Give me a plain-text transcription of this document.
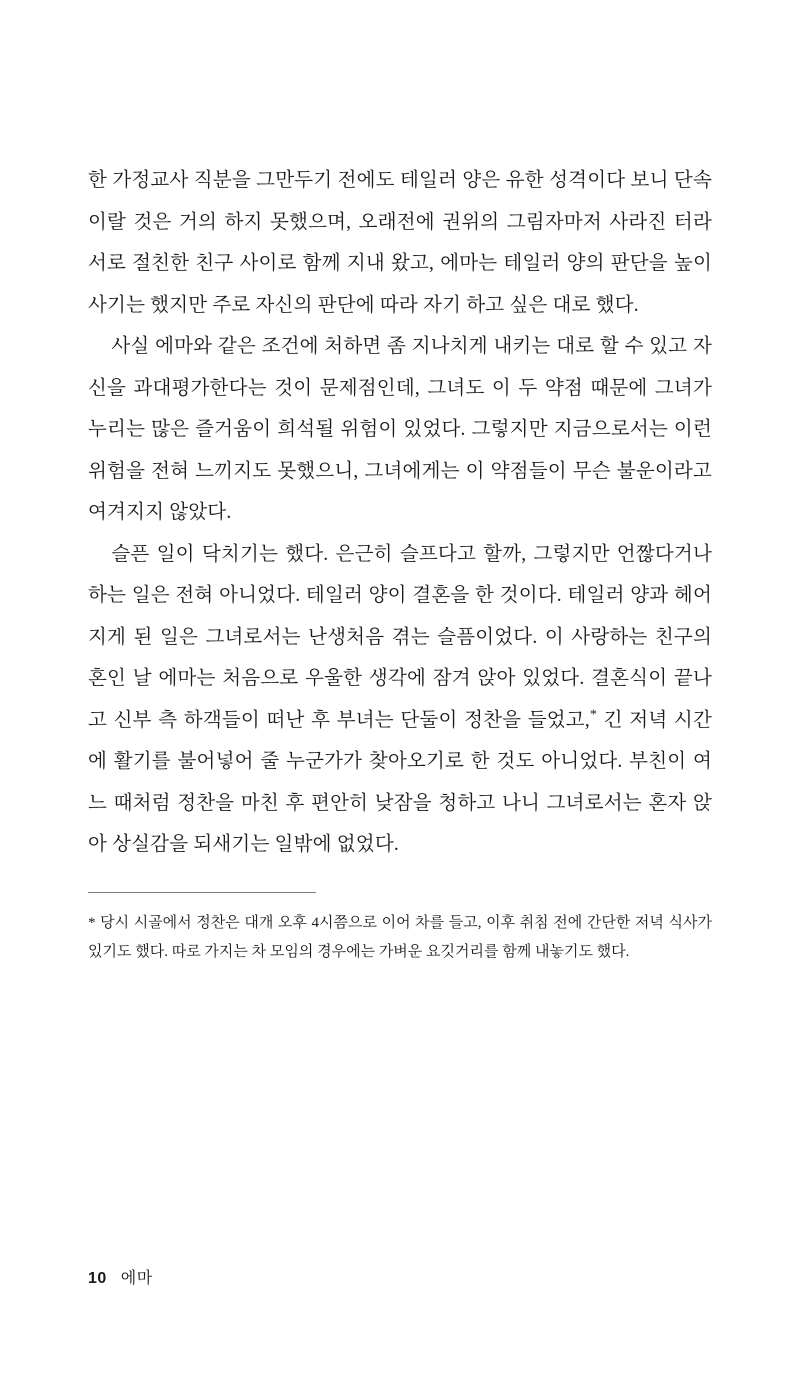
한 가정교사 직분을 그만두기 전에도 테일러 양은 유한 성격이다 보니 단속이랄 것은 거의 하지 못했으며, 오래전에 권위의 그림자마저 사라진 터라 서로 절친한 친구 사이로 함께 지내 왔고, 에마는 테일러 양의 판단을 높이 사기는 했지만 주로 자신의 판단에 따라 자기 하고 싶은 대로 했다.

사실 에마와 같은 조건에 처하면 좀 지나치게 내키는 대로 할 수 있고 자신을 과대평가한다는 것이 문제점인데, 그녀도 이 두 약점 때문에 그녀가 누리는 많은 즐거움이 희석될 위험이 있었다. 그렇지만 지금으로서는 이런 위험을 전혀 느끼지도 못했으니, 그녀에게는 이 약점들이 무슨 불운이라고 여겨지지 않았다.

슬픈 일이 닥치기는 했다. 은근히 슬프다고 할까, 그렇지만 언짢다거나 하는 일은 전혀 아니었다. 테일러 양이 결혼을 한 것이다. 테일러 양과 헤어지게 된 일은 그녀로서는 난생처음 겪는 슬픔이었다. 이 사랑하는 친구의 혼인 날 에마는 처음으로 우울한 생각에 잠겨 앉아 있었다. 결혼식이 끝나고 신부 측 하객들이 떠난 후 부녀는 단둘이 정찬을 들었고,* 긴 저녁 시간에 활기를 불어넣어 줄 누군가가 찾아오기로 한 것도 아니었다. 부친이 여느 때처럼 정찬을 마친 후 편안히 낮잠을 청하고 나니 그녀로서는 혼자 앉아 상실감을 되새기는 일밖에 없었다.

* 당시 시골에서 정찬은 대개 오후 4시쯤으로 이어 차를 들고, 이후 취침 전에 간단한 저녁 식사가 있기도 했다. 따로 가지는 차 모임의 경우에는 가벼운 요깃거리를 함께 내놓기도 했다.

10 에마
